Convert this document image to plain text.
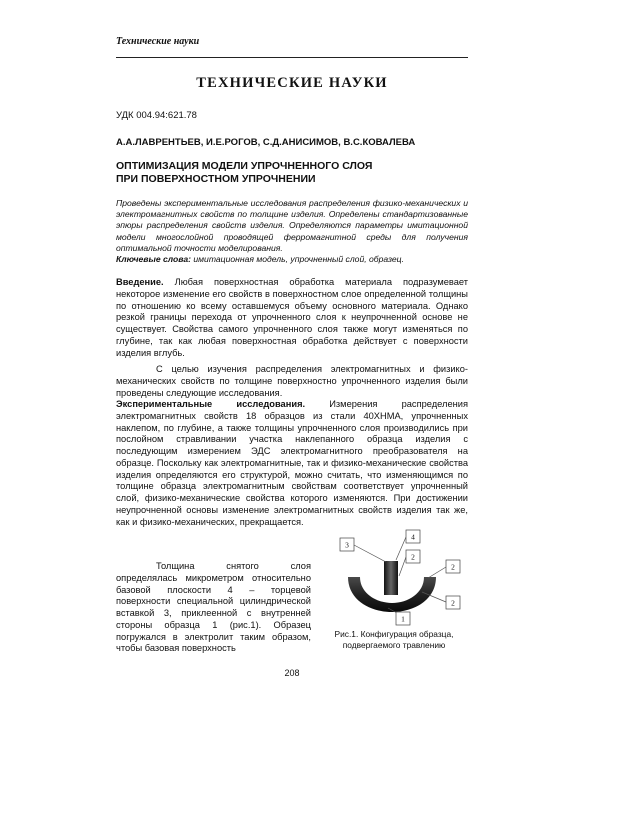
Технические науки
ТЕХНИЧЕСКИЕ НАУКИ
УДК 004.94:621.78
А.А.ЛАВРЕНТЬЕВ, И.Е.РОГОВ, С.Д.АНИСИМОВ, В.С.КОВАЛЕВА
ОПТИМИЗАЦИЯ МОДЕЛИ УПРОЧНЕННОГО СЛОЯ
ПРИ ПОВЕРХНОСТНОМ УПРОЧНЕНИИ
Проведены экспериментальные исследования распределения физико-механических и электромагнитных свойств по толщине изделия. Определены стандартизованные эпюры распределения свойств изделия. Определяются параметры имитационной модели многослойной проводящей ферромагнитной среды для получения оптимальной точности моделирования.
Ключевые слова: имитационная модель, упрочненный слой, образец.
Введение. Любая поверхностная обработка материала подразумевает некоторое изменение его свойств в поверхностном слое определенной толщины по отношению ко всему оставшемуся объему основного материала. Однако резкой границы перехода от упрочненного слоя к неупрочненной основе не существует. Свойства самого упрочненного слоя также могут изменяться по глубине, так как любая поверхностная обработка действует с поверхности изделия вглубь.
С целью изучения распределения электромагнитных и физико-механических свойств по толщине поверхностно упрочненного изделия были проведены следующие исследования.
Экспериментальные исследования. Измерения распределения электромагнитных свойств 18 образцов из стали 40ХНМА, упрочненных наклепом, по глубине, а также толщины упрочненного слоя производились при послойном стравливании участка наклепанного образца изделия с последующим измерением ЭДС электромагнитного преобразователя на образце. Поскольку как электромагнитные, так и физико-механические свойства изделия определяются его структурой, можно считать, что изменяющимся по толщине образца электромагнитным свойствам соответствует упрочненный слой, физико-механические свойства которого изменяются. При достижении неупрочненной основы изменение электромагнитных свойств изделия так же, как и физико-механических, прекращается.
Толщина снятого слоя определялась микрометром относительно базовой плоскости 4 – торцевой поверхности специальной цилиндрической вставкой 3, приклеенной с внутренней стороны образца 1 (рис.1). Образец погружался в электролит таким образом, чтобы базовая поверхность
3
4
2
2
2
1
Рис.1. Конфигурация образца, подвергаемого травлению
208
